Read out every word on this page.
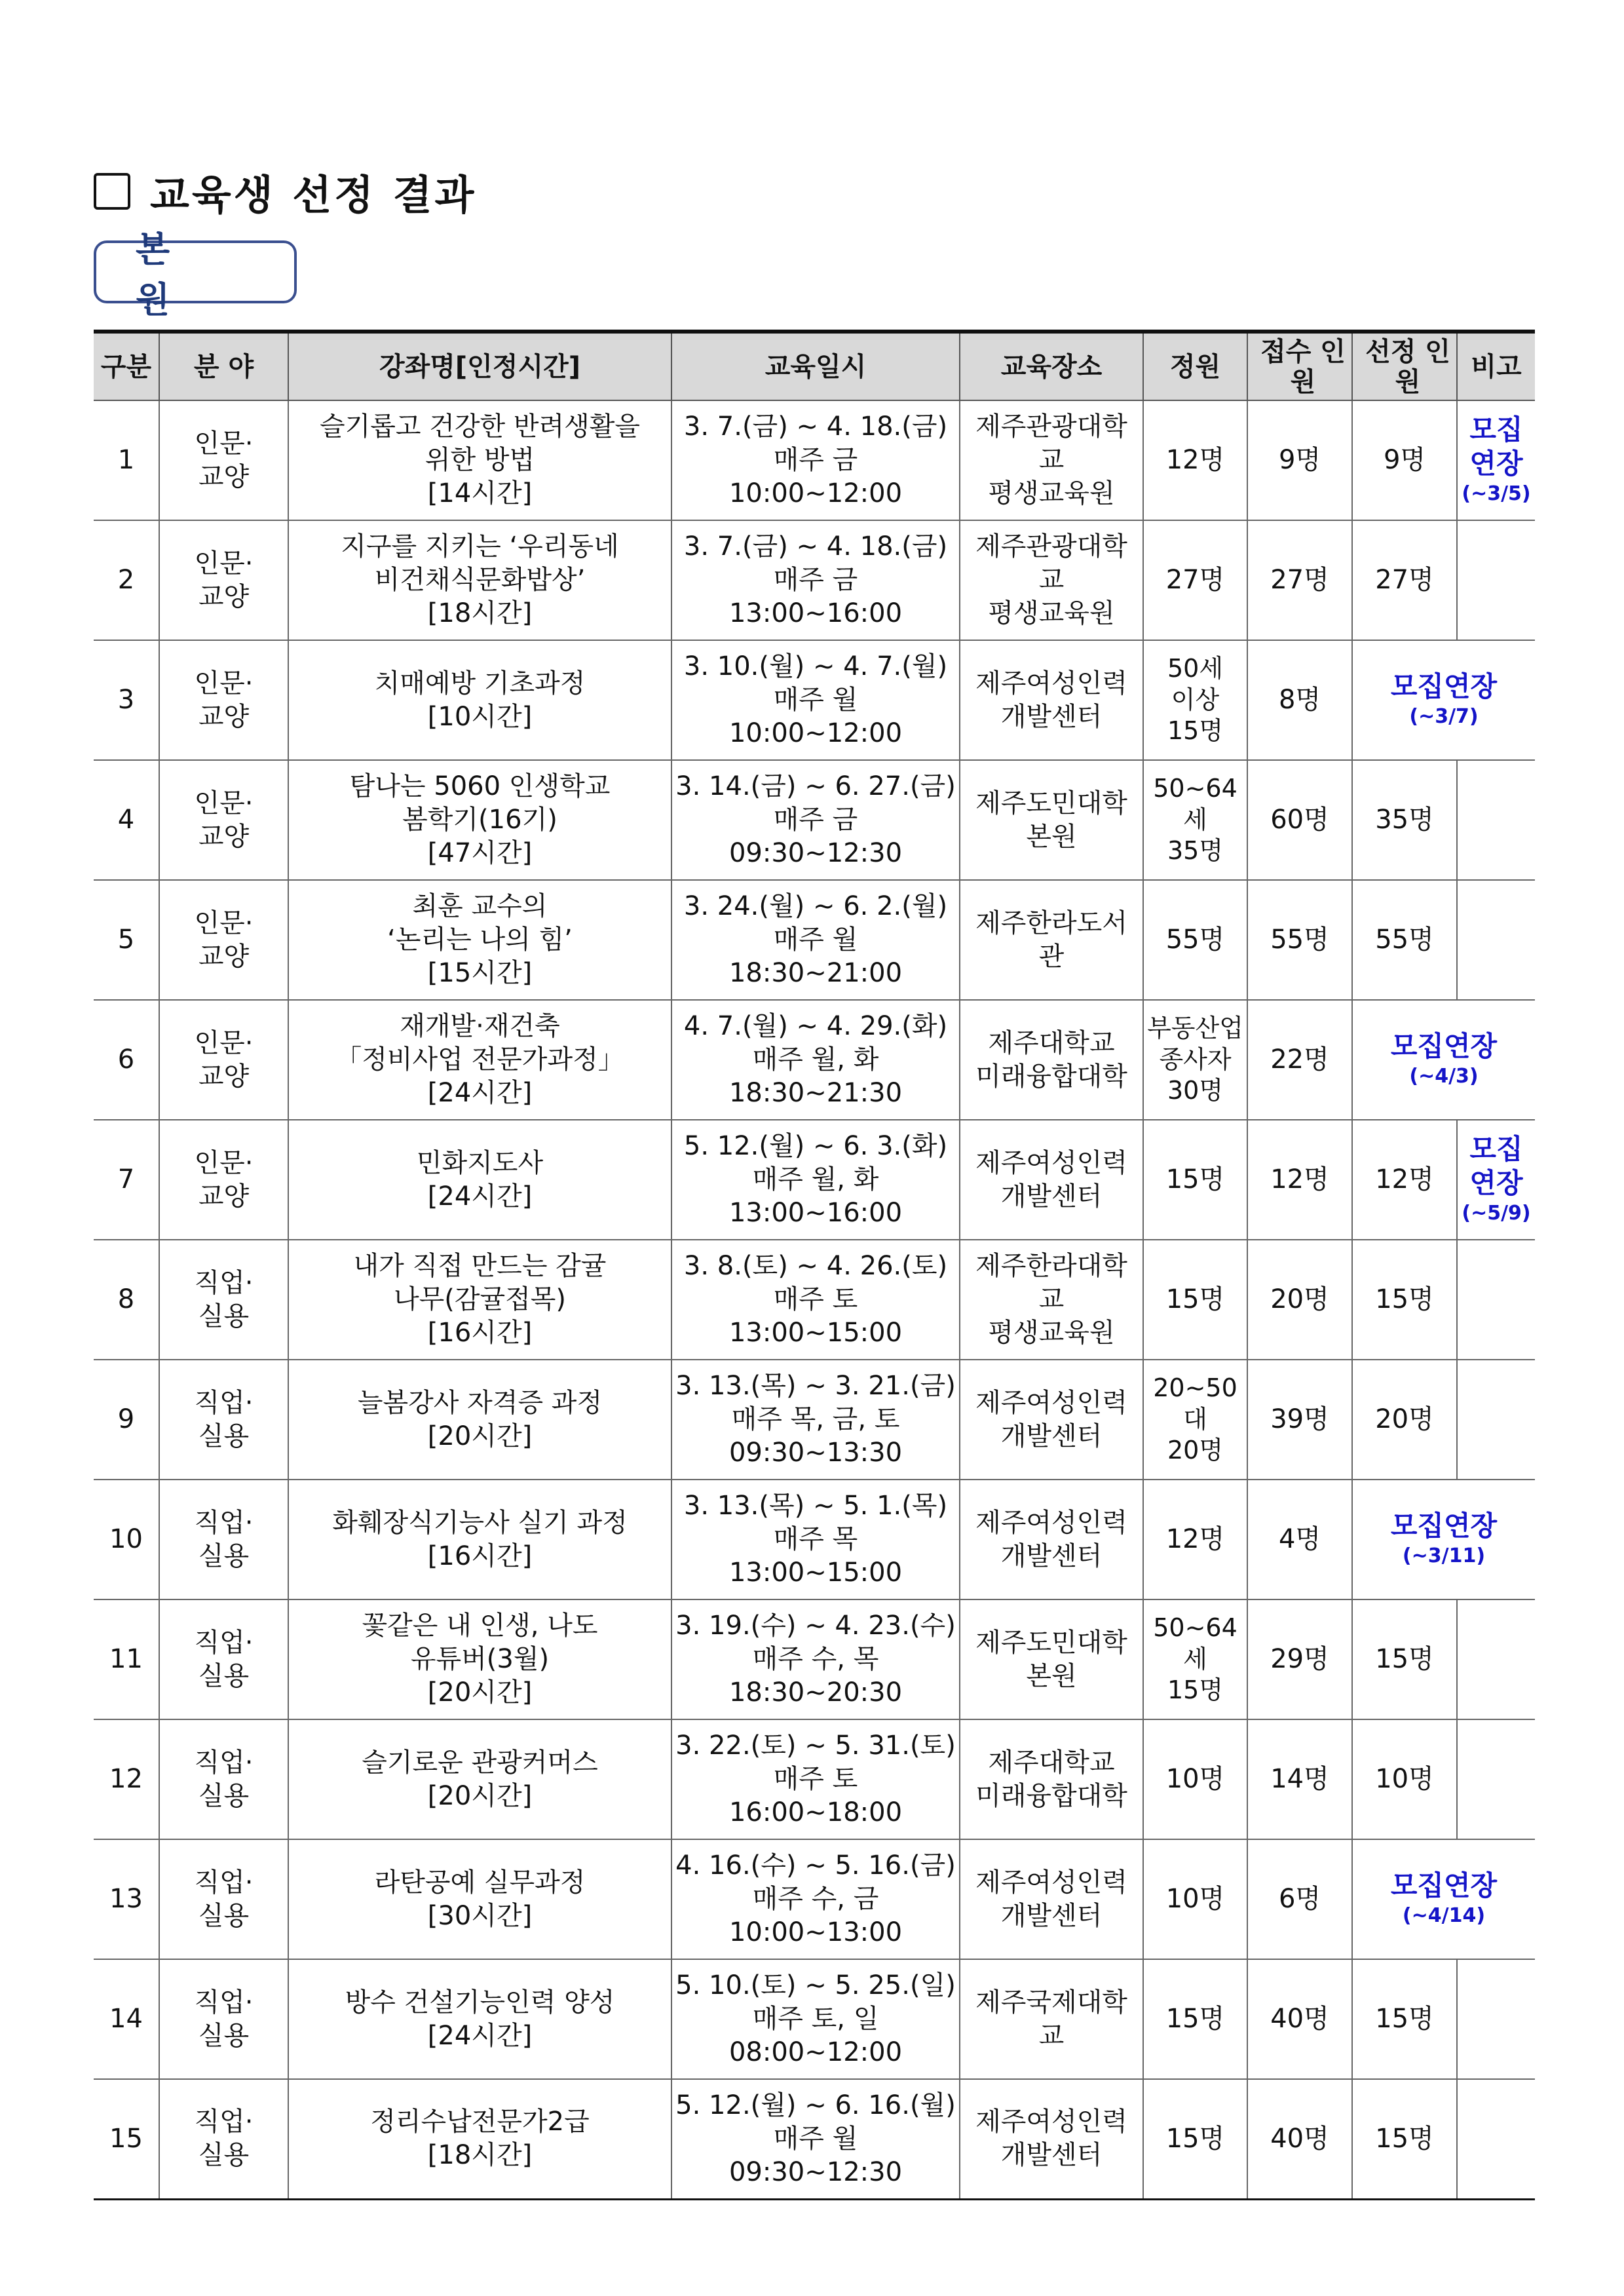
교육생 선정 결과
본 원
구분	분 야	강좌명[인정시간]	교육일시	교육장소	정원	접수 인원	선정 인원	비고
1	인문·
교양	슬기롭고 건강한 반려생활을
위한 방법
[14시간]	3. 7.(금) ~ 4. 18.(금)
매주 금
10:00~12:00	제주관광대학교
평생교육원	12명	9명	9명	모집
연장
(~3/5)

2	인문·
교양	지구를 지키는 ‘우리동네
비건채식문화밥상’
[18시간]	3. 7.(금) ~ 4. 18.(금)
매주 금
13:00~16:00	제주관광대학교
평생교육원	27명	27명	27명	
3	인문·
교양	치매예방 기초과정
[10시간]	3. 10.(월) ~ 4. 7.(월)
매주 월
10:00~12:00	제주여성인력
개발센터	50세
이상
15명	8명	모집연장
(~3/7)	

4	인문·
교양	탐나는 5060 인생학교
봄학기(16기)
[47시간]	3. 14.(금) ~ 6. 27.(금)
매주 금
09:30~12:30	제주도민대학
본원	50~64세
35명	60명	35명	
5	인문·
교양	최훈 교수의
‘논리는 나의 힘’
[15시간]	3. 24.(월) ~ 6. 2.(월)
매주 월
18:30~21:00	제주한라도서관	55명	55명	55명	
6	인문·
교양	재개발·재건축
「정비사업 전문가과정」
[24시간]	4. 7.(월) ~ 4. 29.(화)
매주 월, 화
18:30~21:30	제주대학교
미래융합대학	부동산업
종사자
30명	22명	모집연장
(~4/3)	

7	인문·
교양	민화지도사
[24시간]	5. 12.(월) ~ 6. 3.(화)
매주 월, 화
13:00~16:00	제주여성인력
개발센터	15명	12명	12명	모집
연장
(~5/9)

8	직업·
실용	내가 직접 만드는 감귤
나무(감귤접목)
[16시간]	3. 8.(토) ~ 4. 26.(토)
매주 토
13:00~15:00	제주한라대학교
평생교육원	15명	20명	15명	
9	직업·
실용	늘봄강사 자격증 과정
[20시간]	3. 13.(목) ~ 3. 21.(금)
매주 목, 금, 토
09:30~13:30	제주여성인력
개발센터	20~50대
20명	39명	20명	
10	직업·
실용	화훼장식기능사 실기 과정
[16시간]	3. 13.(목) ~ 5. 1.(목)
매주 목
13:00~15:00	제주여성인력
개발센터	12명	4명	모집연장
(~3/11)	

11	직업·
실용	꽃같은 내 인생, 나도
유튜버(3월)
[20시간]	3. 19.(수) ~ 4. 23.(수)
매주 수, 목
18:30~20:30	제주도민대학
본원	50~64세
15명	29명	15명	
12	직업·
실용	슬기로운 관광커머스
[20시간]	3. 22.(토) ~ 5. 31.(토)
매주 토
16:00~18:00	제주대학교
미래융합대학	10명	14명	10명	
13	직업·
실용	라탄공예 실무과정
[30시간]	4. 16.(수) ~ 5. 16.(금)
매주 수, 금
10:00~13:00	제주여성인력
개발센터	10명	6명	모집연장
(~4/14)	

14	직업·
실용	방수 건설기능인력 양성
[24시간]	5. 10.(토) ~ 5. 25.(일)
매주 토, 일
08:00~12:00	제주국제대학교	15명	40명	15명	
15	직업·
실용	정리수납전문가2급
[18시간]	5. 12.(월) ~ 6. 16.(월)
매주 월
09:30~12:30	제주여성인력
개발센터	15명	40명	15명	
